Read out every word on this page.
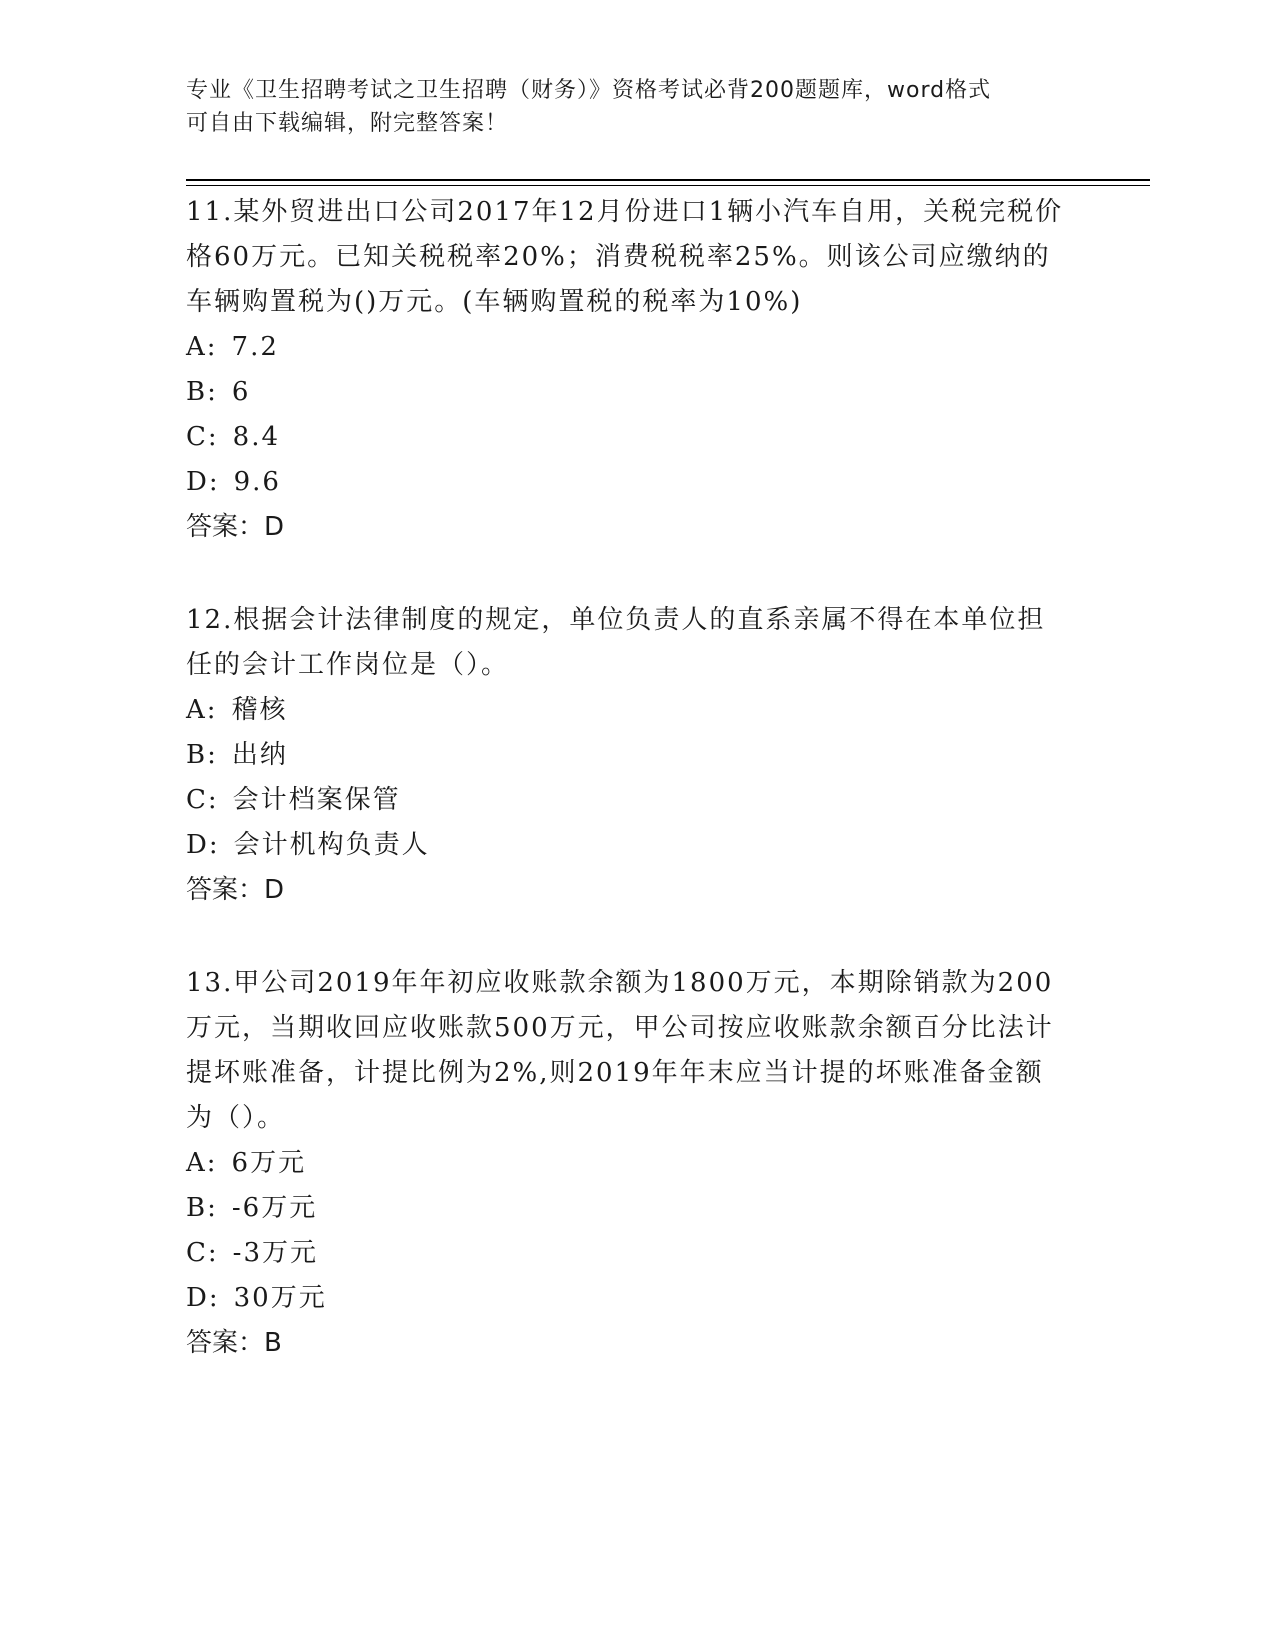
专业《卫生招聘考试之卫生招聘（财务）》资格考试必背200题题库，word格式
可自由下载编辑，附完整答案！

11.某外贸进出口公司2017年12月份进口1辆小汽车自用，关税完税价格60万元。已知关税税率20%；消费税税率25%。则该公司应缴纳的车辆购置税为()万元。(车辆购置税的税率为10%)

A: 7.2

B: 6

C: 8.4

D: 9.6

答案：D

12.根据会计法律制度的规定，单位负责人的直系亲属不得在本单位担任的会计工作岗位是（）。

A: 稽核

B: 出纳

C: 会计档案保管

D: 会计机构负责人

答案：D

13.甲公司2019年年初应收账款余额为1800万元，本期除销款为200万元，当期收回应收账款500万元，甲公司按应收账款余额百分比法计提坏账准备，计提比例为2%,则2019年年末应当计提的坏账准备金额为（）。

A: 6万元

B: -6万元

C: -3万元

D: 30万元

答案：B
